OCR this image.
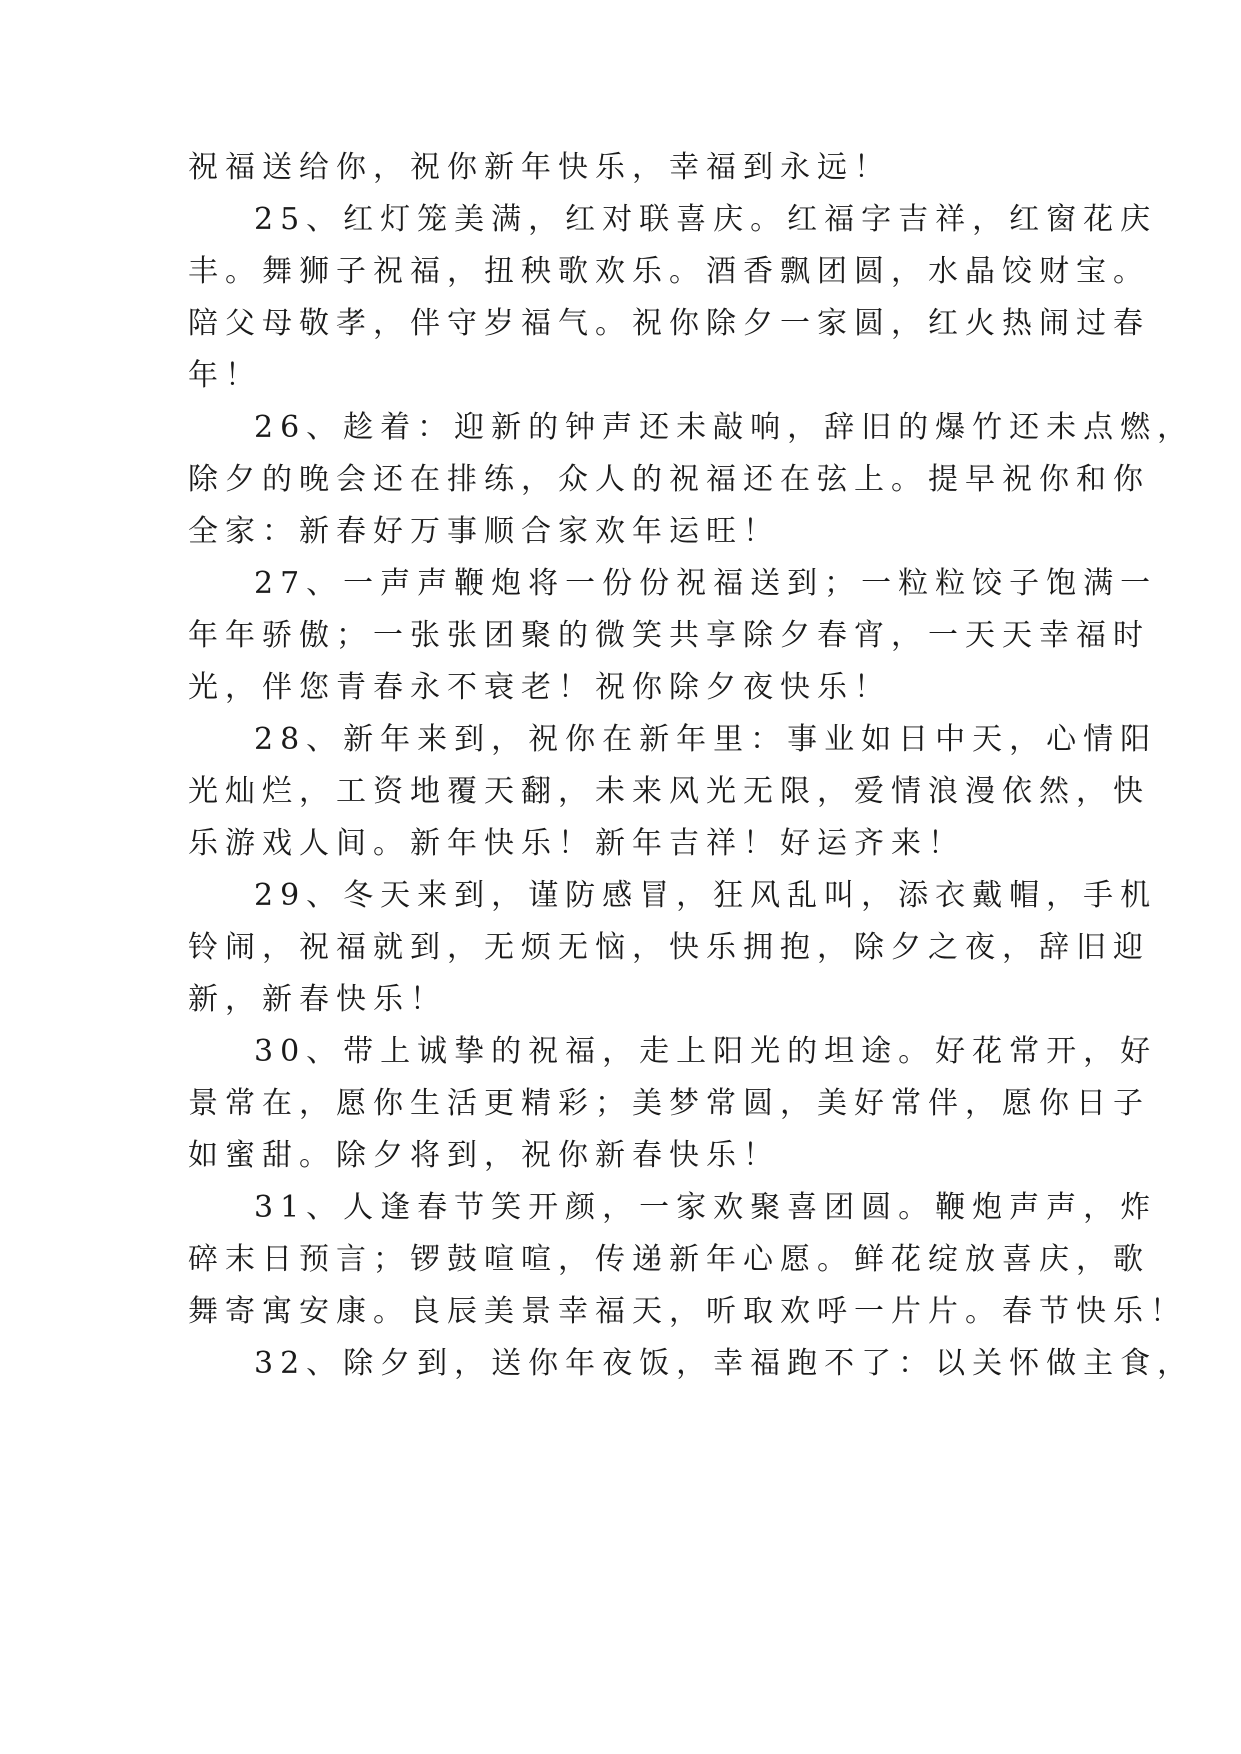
祝福送给你，祝你新年快乐，幸福到永远！
25、红灯笼美满，红对联喜庆。红福字吉祥，红窗花庆
丰。舞狮子祝福，扭秧歌欢乐。酒香飘团圆，水晶饺财宝。
陪父母敬孝，伴守岁福气。祝你除夕一家圆，红火热闹过春
年！
26、趁着：迎新的钟声还未敲响，辞旧的爆竹还未点燃，
除夕的晚会还在排练，众人的祝福还在弦上。提早祝你和你
全家：新春好万事顺合家欢年运旺！
27、一声声鞭炮将一份份祝福送到；一粒粒饺子饱满一
年年骄傲；一张张团聚的微笑共享除夕春宵，一天天幸福时
光，伴您青春永不衰老！祝你除夕夜快乐！
28、新年来到，祝你在新年里：事业如日中天，心情阳
光灿烂，工资地覆天翻，未来风光无限，爱情浪漫依然，快
乐游戏人间。新年快乐！新年吉祥！好运齐来！
29、冬天来到，谨防感冒，狂风乱叫，添衣戴帽，手机
铃闹，祝福就到，无烦无恼，快乐拥抱，除夕之夜，辞旧迎
新，新春快乐！
30、带上诚挚的祝福，走上阳光的坦途。好花常开，好
景常在，愿你生活更精彩；美梦常圆，美好常伴，愿你日子
如蜜甜。除夕将到，祝你新春快乐！
31、人逢春节笑开颜，一家欢聚喜团圆。鞭炮声声，炸
碎末日预言；锣鼓喧喧，传递新年心愿。鲜花绽放喜庆，歌
舞寄寓安康。良辰美景幸福天，听取欢呼一片片。春节快乐！
32、除夕到，送你年夜饭，幸福跑不了：以关怀做主食，
